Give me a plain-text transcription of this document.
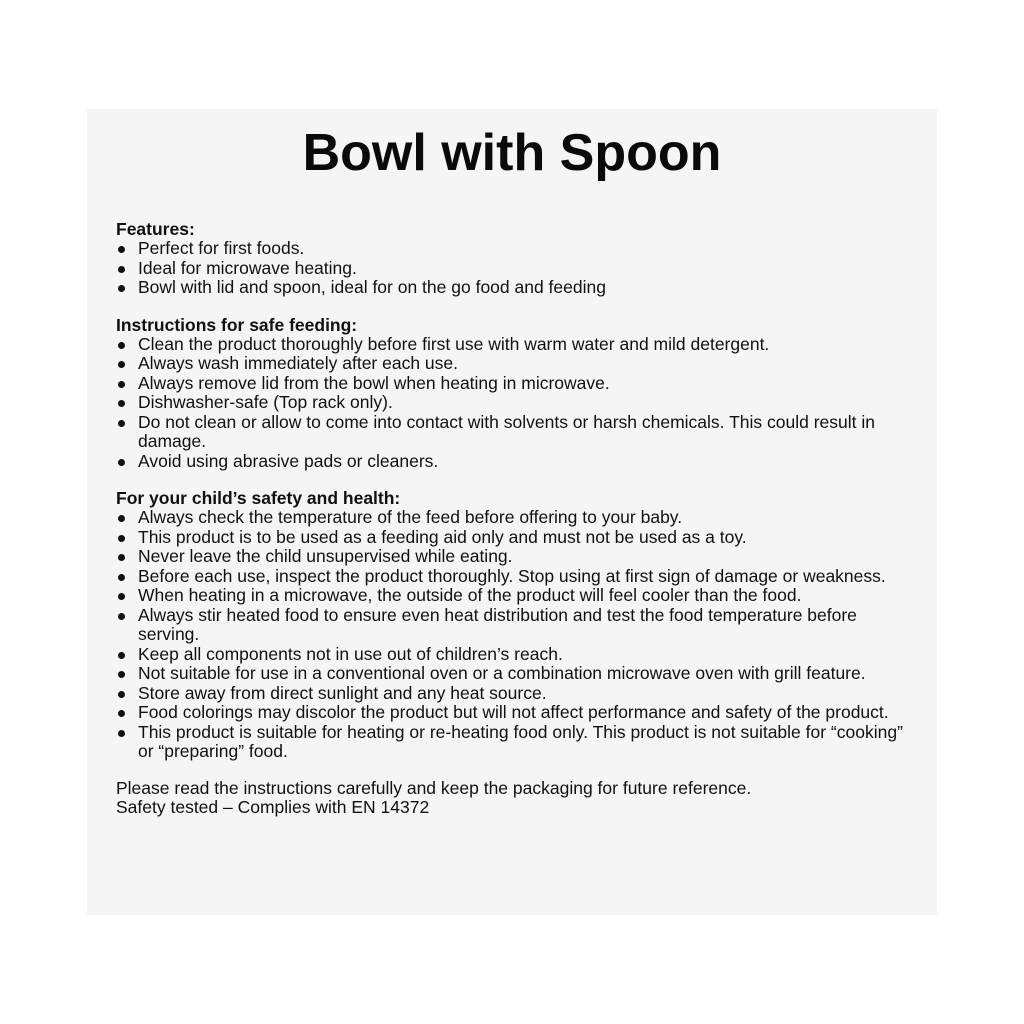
Bowl with Spoon

Features:

Perfect for first foods.
Ideal for microwave heating.
Bowl with lid and spoon, ideal for on the go food and feeding

Instructions for safe feeding:

Clean the product thoroughly before first use with warm water and mild detergent.
Always wash immediately after each use.
Always remove lid from the bowl when heating in microwave.
Dishwasher-safe (Top rack only).
Do not clean or allow to come into contact with solvents or harsh chemicals. This could result in damage.
Avoid using abrasive pads or cleaners.

For your child’s safety and health:

Always check the temperature of the feed before offering to your baby.
This product is to be used as a feeding aid only and must not be used as a toy.
Never leave the child unsupervised while eating.
Before each use, inspect the product thoroughly. Stop using at first sign of damage or weakness.
When heating in a microwave, the outside of the product will feel cooler than the food.
Always stir heated food to ensure even heat distribution and test the food temperature before serving.
Keep all components not in use out of children’s reach.
Not suitable for use in a conventional oven or a combination microwave oven with grill feature.
Store away from direct sunlight and any heat source.
Food colorings may discolor the product but will not affect performance and safety of the product.
This product is suitable for heating or re-heating food only. This product is not suitable for “cooking” or “preparing” food.

Please read the instructions carefully and keep the packaging for future reference.

Safety tested – Complies with EN 14372
